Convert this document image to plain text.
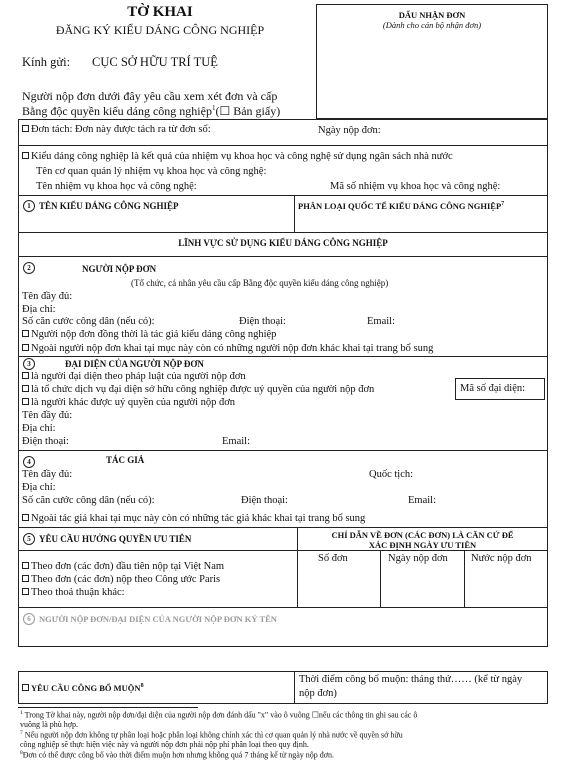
TỜ KHAI
ĐĂNG KÝ KIỂU DÁNG CÔNG NGHIỆP
Kính gửi: CỤC SỞ HỮU TRÍ TUỆ
Người nộp đơn dưới đây yêu cầu xem xét đơn và cấp
Bằng độc quyền kiểu dáng công nghiệp$^1$(☐ Bản giấy)
DẤU NHẬN ĐƠN
(Dành cho cán bộ nhận đơn)
Đơn tách: Đơn này được tách ra từ đơn số:	Ngày nộp đơn:
Kiểu dáng công nghiệp là kết quả của nhiệm vụ khoa học và công nghệ sử dụng ngân sách nhà nước
Tên cơ quan quản lý nhiệm vụ khoa học và công nghệ:
Tên nhiệm vụ khoa học và công nghệ:	Mã số nhiệm vụ khoa học và công nghệ:
1 TÊN KIỂU DÁNG CÔNG NGHIỆP	PHÂN LOẠI QUỐC TẾ KIỂU DÁNG CÔNG NGHIỆP$^7$
LĨNH VỰC SỬ DỤNG KIỂU DÁNG CÔNG NGHIỆP
2	NGƯỜI NỘP ĐƠN
(Tổ chức, cá nhân yêu cầu cấp Bằng độc quyền kiểu dáng công nghiệp)
Tên đầy đủ:
Địa chỉ:
Số căn cước công dân (nếu có):	Điện thoại:	Email:
Người nộp đơn đồng thời là tác giả kiểu dáng công nghiệp
Ngoài người nộp đơn khai tại mục này còn có những người nộp đơn khác khai tại trang bổ sung
3	ĐẠI DIỆN CỦA NGƯỜI NỘP ĐƠN
là người đại diện theo pháp luật của người nộp đơn
là tổ chức dịch vụ đại diện sở hữu công nghiệp được uỷ quyền của người nộp đơn
là người khác được uỷ quyền của người nộp đơn
Mã số đại diện:
Tên đầy đủ:
Địa chỉ:
Điện thoại:	Email:
4	TÁC GIẢ
Tên đầy đủ:	Quốc tịch:
Địa chỉ:
Số căn cước công dân (nếu có):	Điện thoại:	Email:
Ngoài tác giả khai tại mục này còn có những tác giả khác khai tại trang bổ sung
5 YÊU CẦU HƯỞNG QUYỀN ƯU TIÊN	CHỈ DẪN VỀ ĐƠN (CÁC ĐƠN) LÀ CĂN CỨ ĐỂ
XÁC ĐỊNH NGÀY ƯU TIÊN
Số đơn	Ngày nộp đơn Nước nộp đơn
Theo đơn (các đơn) đầu tiên nộp tại Việt Nam
Theo đơn (các đơn) nộp theo Công ước Paris
Theo thoả thuận khác:
6 NGƯỜI NỘP ĐƠN/ĐẠI DIỆN CỦA NGƯỜI NỘP ĐƠN KÝ TÊN
YÊU CẦU CÔNG BỐ MUỘN$^8$
Thời điểm công bố muộn: tháng thứ…… (kể từ ngày
nộp đơn)
$^1$ Trong Tờ khai này, người nộp đơn/đại diện của người nộp đơn đánh dấu "x" vào ô vuông ☐nếu các thông tin ghi sau các ô
vuông là phù hợp.
$^7$ Nếu người nộp đơn không tự phân loại hoặc phân loại không chính xác thì cơ quan quản lý nhà nước về quyền sở hữu
công nghiệp sẽ thực hiện việc này và người nộp đơn phải nộp phí phân loại theo quy định.
$^8$Đơn có thể được công bố vào thời điểm muộn hơn nhưng không quá 7 tháng kể từ ngày nộp đơn.
